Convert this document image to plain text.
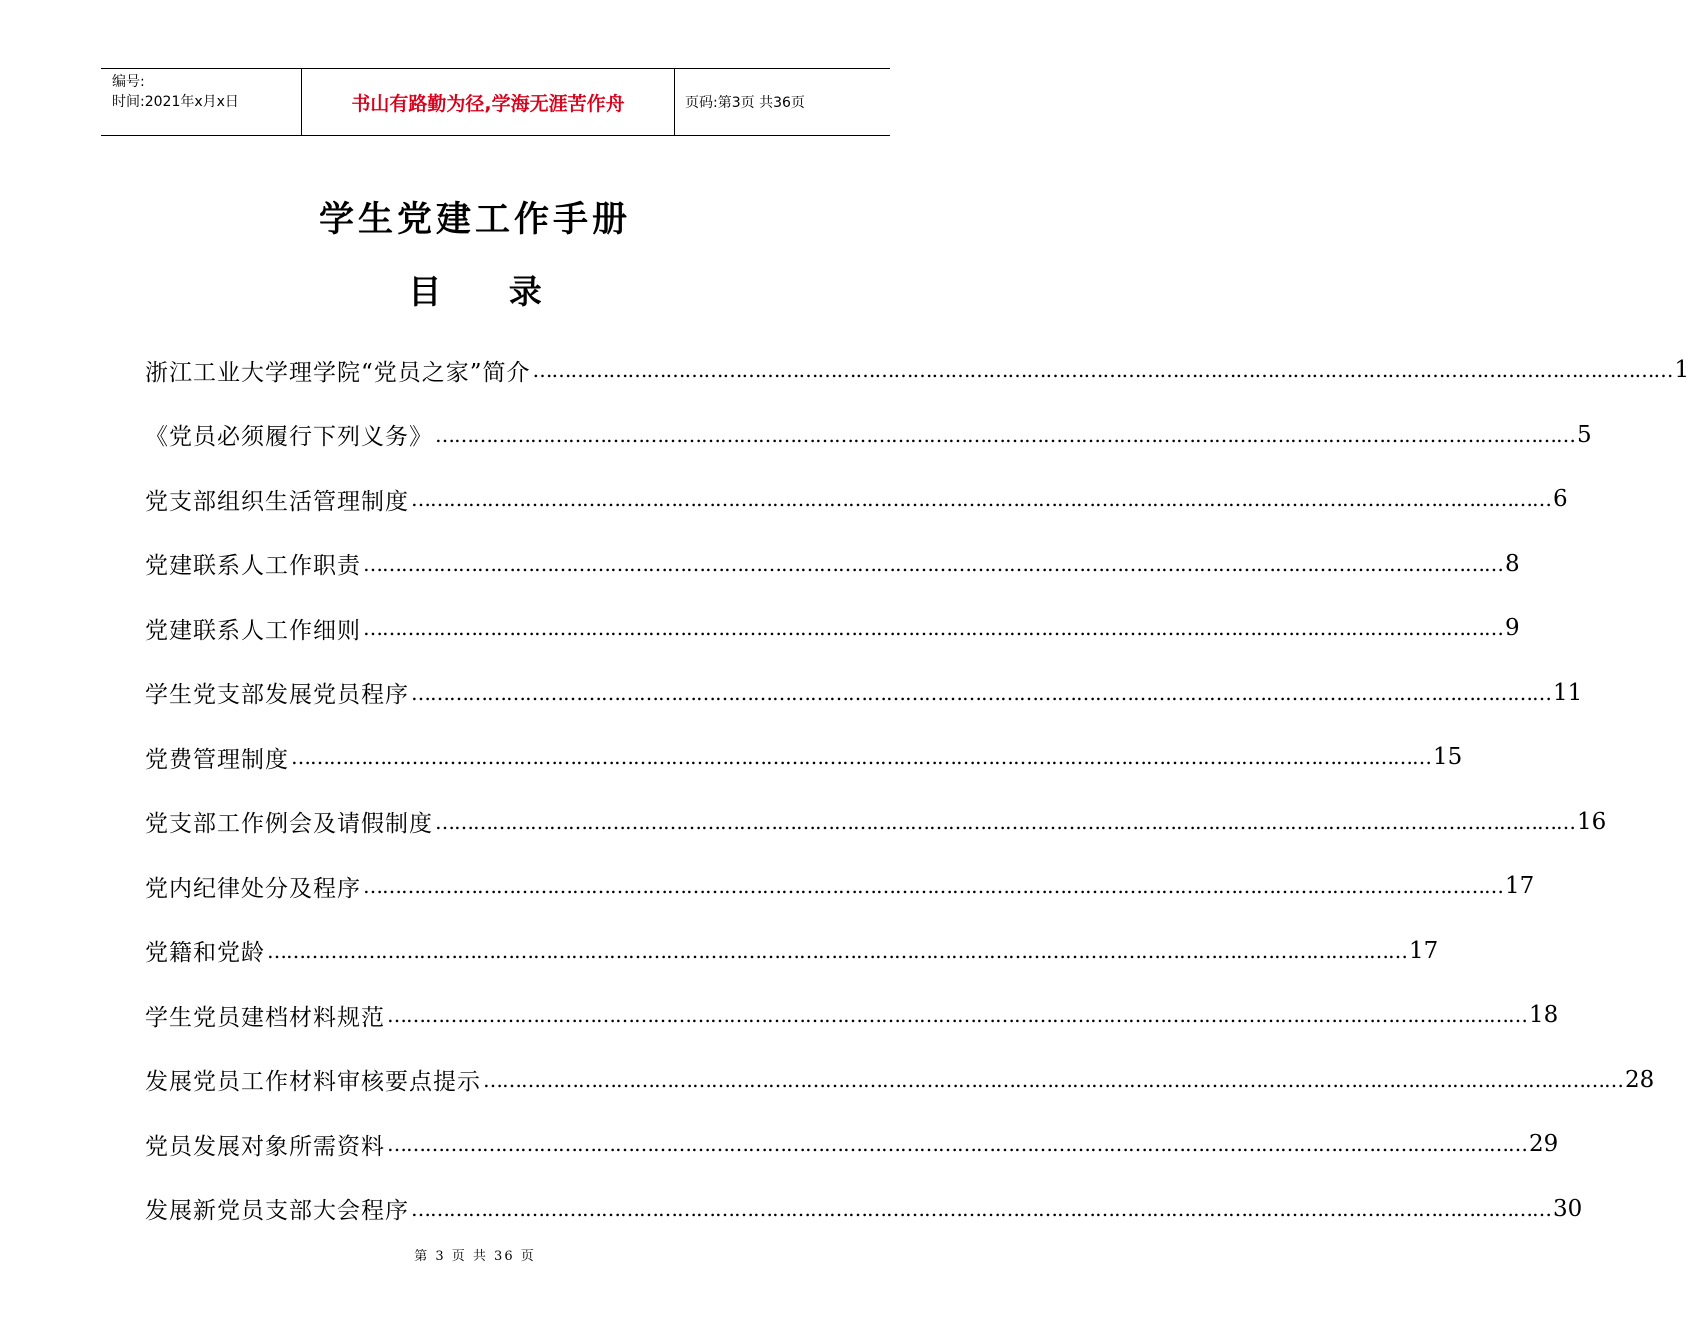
编号:
时间:2021年x月x日	书山有路勤为径,学海无涯苦作舟	页码:第3页 共36页
学生党建工作手册
目 录
浙江工业大学理学院“党员之家”简介 ……………………………………………………………………………………………………………………………………………………………… 1
《党员必须履行下列义务》 ……………………………………………………………………………………………………………………………………………………………… 5
党支部组织生活管理制度 ……………………………………………………………………………………………………………………………………………………………… 6
党建联系人工作职责 ……………………………………………………………………………………………………………………………………………………………… 8
党建联系人工作细则 ……………………………………………………………………………………………………………………………………………………………… 9
学生党支部发展党员程序 ……………………………………………………………………………………………………………………………………………………………… 11
党费管理制度 ……………………………………………………………………………………………………………………………………………………………… 15
党支部工作例会及请假制度 ……………………………………………………………………………………………………………………………………………………………… 16
党内纪律处分及程序 ……………………………………………………………………………………………………………………………………………………………… 17
党籍和党龄 ……………………………………………………………………………………………………………………………………………………………… 17
学生党员建档材料规范 ……………………………………………………………………………………………………………………………………………………………… 18
发展党员工作材料审核要点提示 ……………………………………………………………………………………………………………………………………………………………… 28
党员发展对象所需资料 ……………………………………………………………………………………………………………………………………………………………… 29
发展新党员支部大会程序 ……………………………………………………………………………………………………………………………………………………………… 30
第 3 页 共 36 页
